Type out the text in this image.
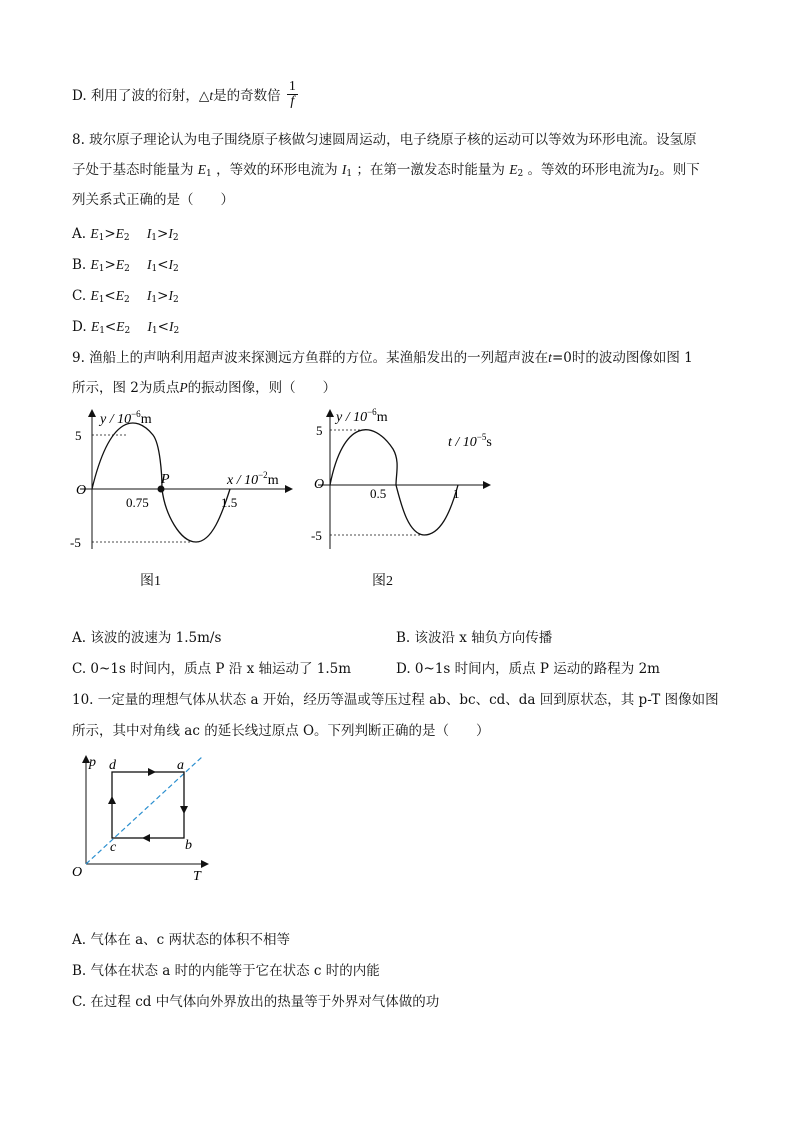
D. 利用了波的衍射，△t是的奇数倍 $\frac{1}{f}$
8. 玻尔原子理论认为电子围绕原子核做匀速圆周运动，电子绕原子核的运动可以等效为环形电流。设氢原
子处于基态时能量为 $E_1$ ，等效的环形电流为 $I_1$ ；在第一激发态时能量为 $E_2$ 。等效的环形电流为$I_2$。则下
列关系式正确的是（　　）
A. $E_1>E_2$ $I_1>I_2$
B. $E_1>E_2$ $I_1<I_2$
C. $E_1<E_2$ $I_1>I_2$
D. $E_1<E_2$ $I_1<I_2$
9. 渔船上的声呐利用超声波来探测远方鱼群的方位。某渔船发出的一列超声波在t=0时的波动图像如图 1
所示，图 2为质点P的振动图像，则（　　）
y / $10^{-6}m$
x / $10^{-2}m$
O
5
-5
0.75	1.5
P
图1
y / $10^{-6}m$
t / $10^{-5}s$
O
5
-5
0.5	1
图2
A. 该波的波速为 1.5m/s	B. 该波沿 x 轴负方向传播
C. 0~1s 时间内，质点 P 沿 x 轴运动了 1.5m	D. 0~1s 时间内，质点 P 运动的路程为 2m
10. 一定量的理想气体从状态 a 开始，经历等温或等压过程 ab、bc、cd、da 回到原状态，其 p-T 图像如图
所示，其中对角线 ac 的延长线过原点 O。下列判断正确的是（　　）
p
T
O
a
b
c
d
A. 气体在 a、c 两状态的体积不相等
B. 气体在状态 a 时的内能等于它在状态 c 时的内能
C. 在过程 cd 中气体向外界放出的热量等于外界对气体做的功
